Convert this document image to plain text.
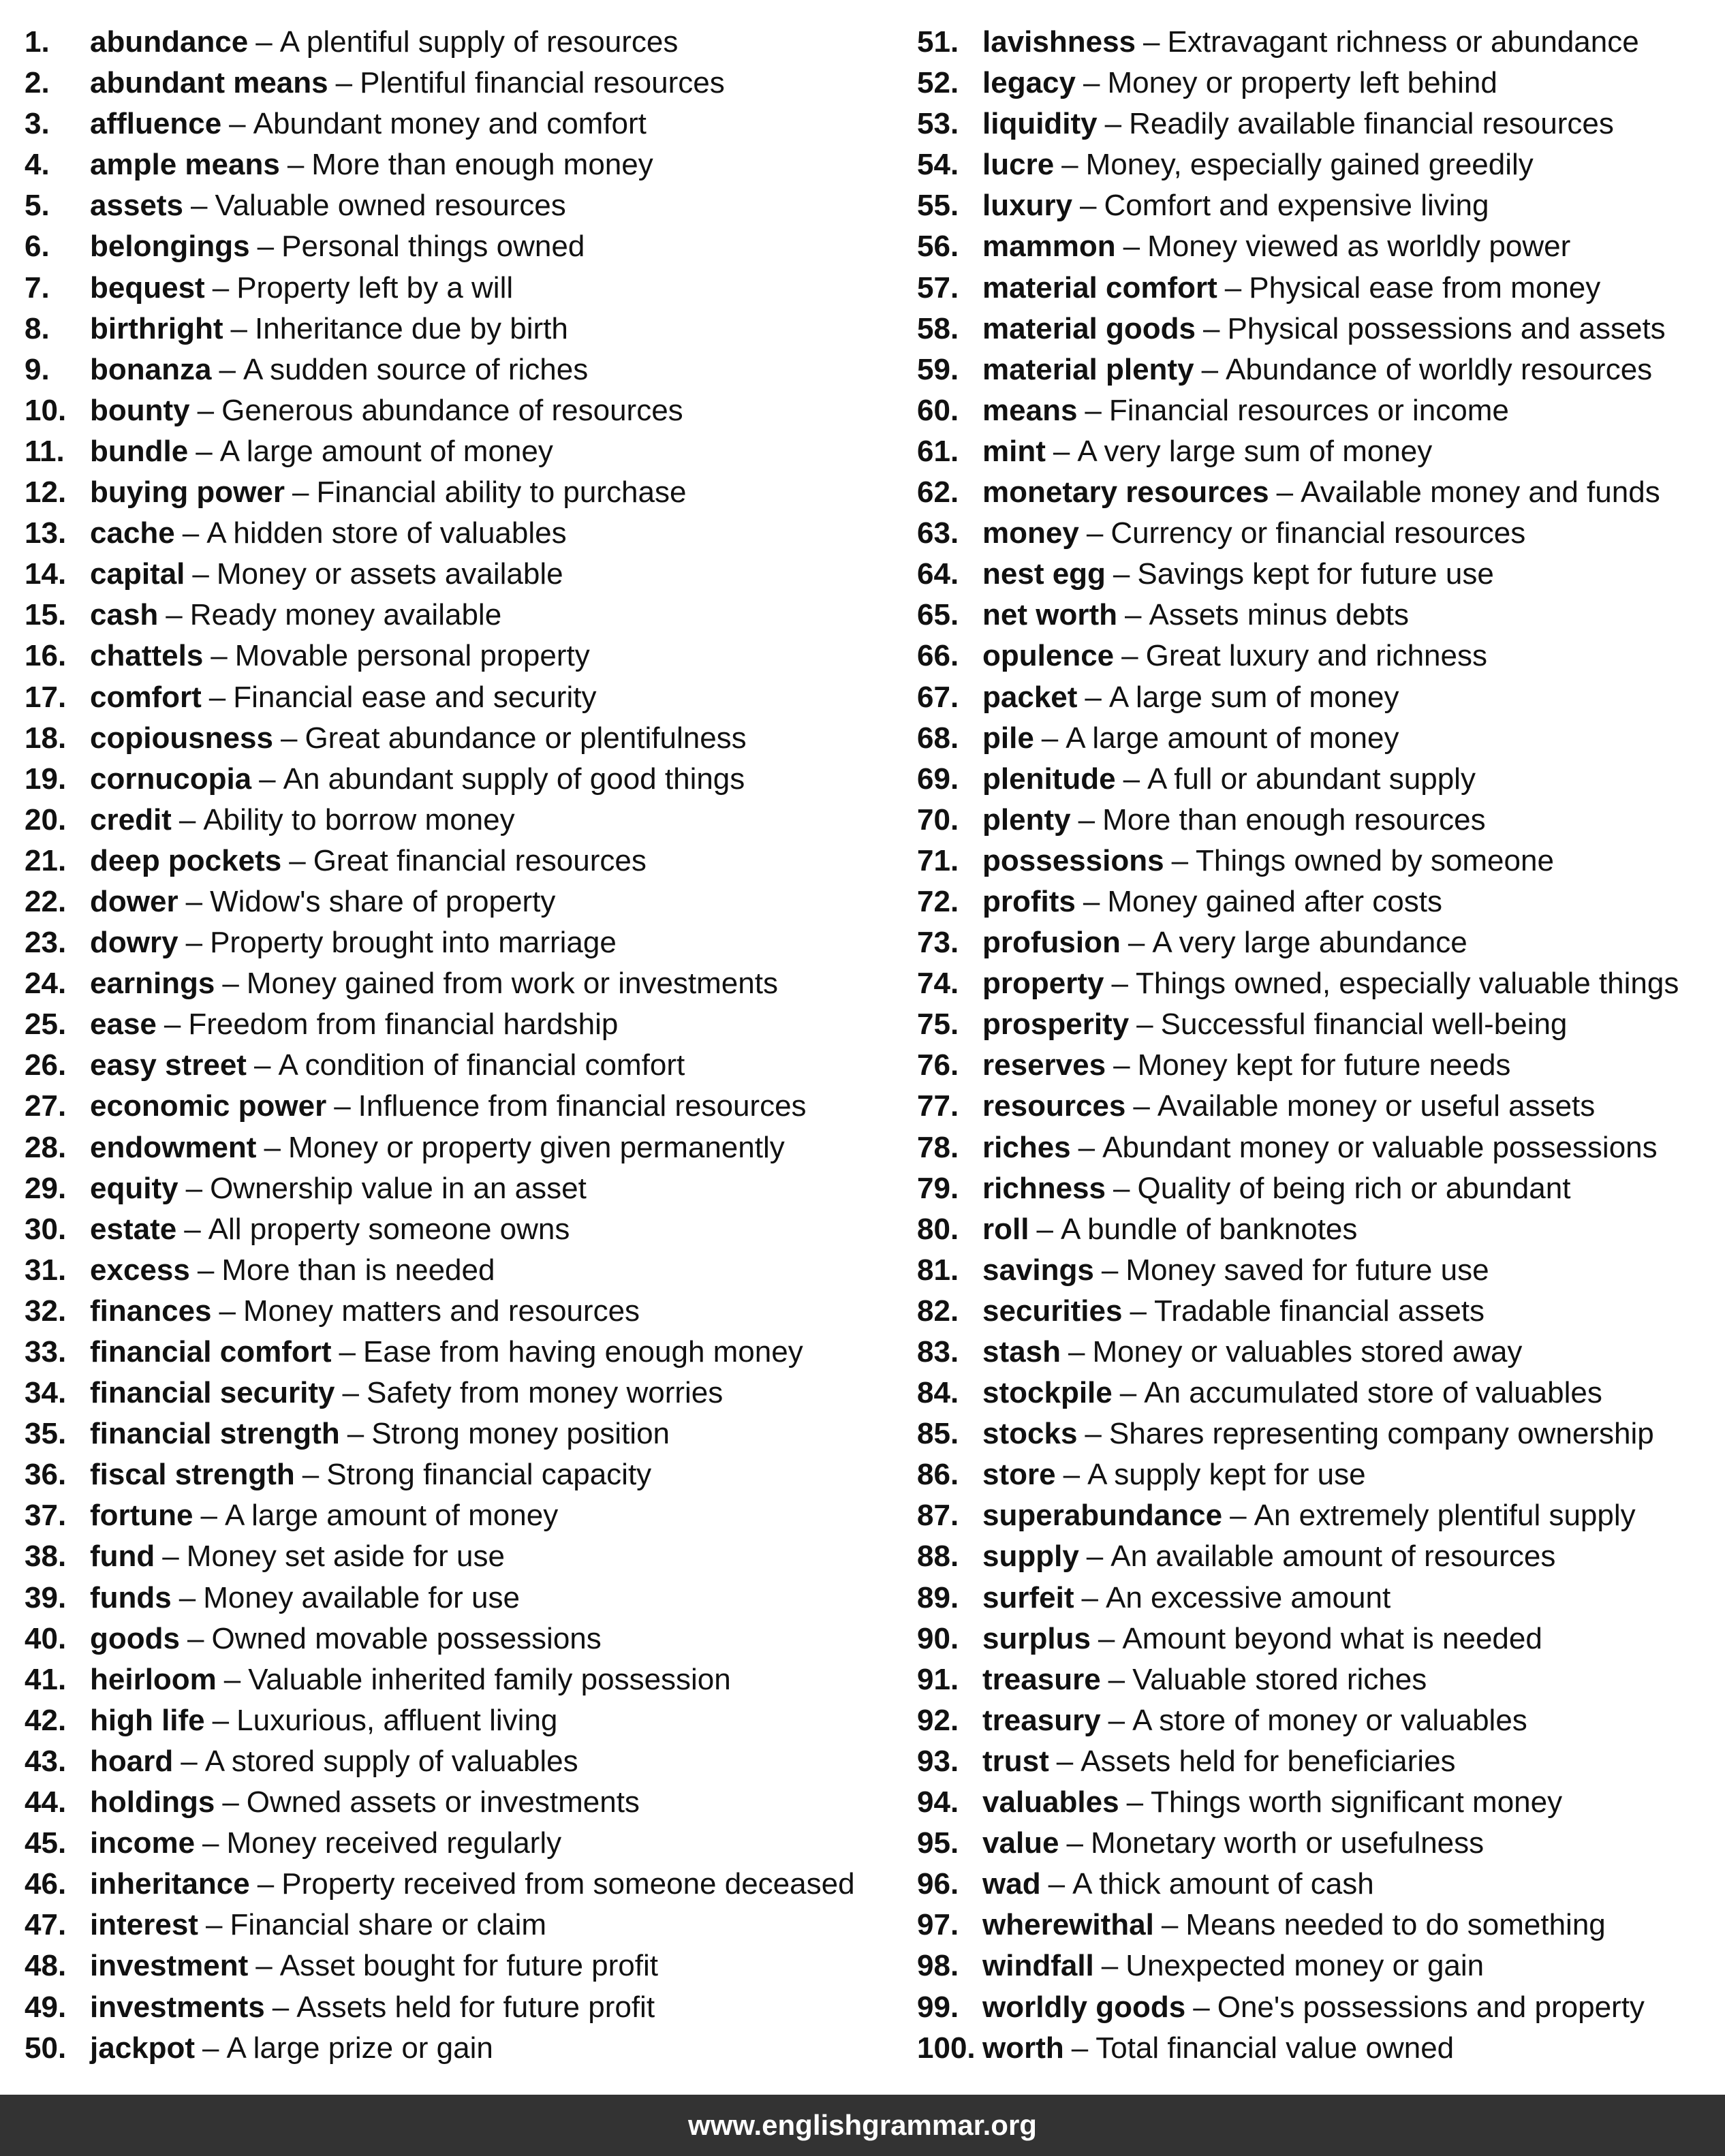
1. abundance – A plentiful supply of resources
2. abundant means – Plentiful financial resources
3. affluence – Abundant money and comfort
4. ample means – More than enough money
5. assets – Valuable owned resources
6. belongings – Personal things owned
7. bequest – Property left by a will
8. birthright – Inheritance due by birth
9. bonanza – A sudden source of riches
10. bounty – Generous abundance of resources
11. bundle – A large amount of money
12. buying power – Financial ability to purchase
13. cache – A hidden store of valuables
14. capital – Money or assets available
15. cash – Ready money available
16. chattels – Movable personal property
17. comfort – Financial ease and security
18. copiousness – Great abundance or plentifulness
19. cornucopia – An abundant supply of good things
20. credit – Ability to borrow money
21. deep pockets – Great financial resources
22. dower – Widow's share of property
23. dowry – Property brought into marriage
24. earnings – Money gained from work or investments
25. ease – Freedom from financial hardship
26. easy street – A condition of financial comfort
27. economic power – Influence from financial resources
28. endowment – Money or property given permanently
29. equity – Ownership value in an asset
30. estate – All property someone owns
31. excess – More than is needed
32. finances – Money matters and resources
33. financial comfort – Ease from having enough money
34. financial security – Safety from money worries
35. financial strength – Strong money position
36. fiscal strength – Strong financial capacity
37. fortune – A large amount of money
38. fund – Money set aside for use
39. funds – Money available for use
40. goods – Owned movable possessions
41. heirloom – Valuable inherited family possession
42. high life – Luxurious, affluent living
43. hoard – A stored supply of valuables
44. holdings – Owned assets or investments
45. income – Money received regularly
46. inheritance – Property received from someone deceased
47. interest – Financial share or claim
48. investment – Asset bought for future profit
49. investments – Assets held for future profit
50. jackpot – A large prize or gain
51. lavishness – Extravagant richness or abundance
52. legacy – Money or property left behind
53. liquidity – Readily available financial resources
54. lucre – Money, especially gained greedily
55. luxury – Comfort and expensive living
56. mammon – Money viewed as worldly power
57. material comfort – Physical ease from money
58. material goods – Physical possessions and assets
59. material plenty – Abundance of worldly resources
60. means – Financial resources or income
61. mint – A very large sum of money
62. monetary resources – Available money and funds
63. money – Currency or financial resources
64. nest egg – Savings kept for future use
65. net worth – Assets minus debts
66. opulence – Great luxury and richness
67. packet – A large sum of money
68. pile – A large amount of money
69. plenitude – A full or abundant supply
70. plenty – More than enough resources
71. possessions – Things owned by someone
72. profits – Money gained after costs
73. profusion – A very large abundance
74. property – Things owned, especially valuable things
75. prosperity – Successful financial well-being
76. reserves – Money kept for future needs
77. resources – Available money or useful assets
78. riches – Abundant money or valuable possessions
79. richness – Quality of being rich or abundant
80. roll – A bundle of banknotes
81. savings – Money saved for future use
82. securities – Tradable financial assets
83. stash – Money or valuables stored away
84. stockpile – An accumulated store of valuables
85. stocks – Shares representing company ownership
86. store – A supply kept for use
87. superabundance – An extremely plentiful supply
88. supply – An available amount of resources
89. surfeit – An excessive amount
90. surplus – Amount beyond what is needed
91. treasure – Valuable stored riches
92. treasury – A store of money or valuables
93. trust – Assets held for beneficiaries
94. valuables – Things worth significant money
95. value – Monetary worth or usefulness
96. wad – A thick amount of cash
97. wherewithal – Means needed to do something
98. windfall – Unexpected money or gain
99. worldly goods – One's possessions and property
100. worth – Total financial value owned
www.englishgrammar.org
